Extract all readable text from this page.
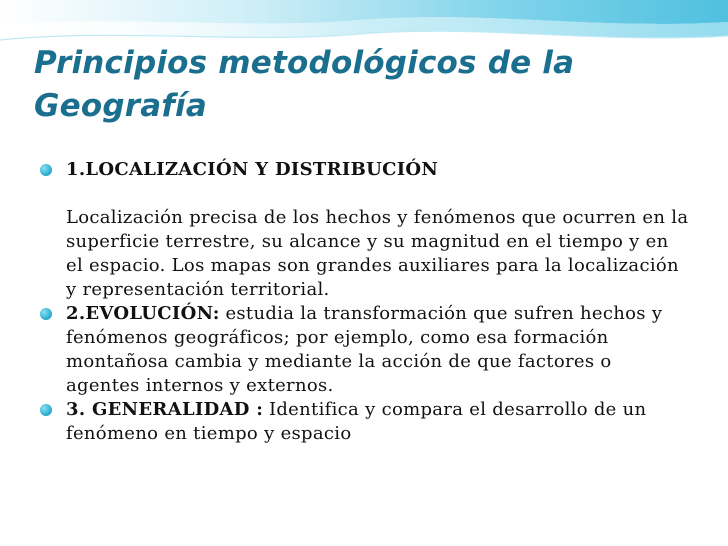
Principios metodológicos de la Geografía
1.LOCALIZACIÓN Y DISTRIBUCIÓN
Localización precisa de los hechos y fenómenos que ocurren en la superficie terrestre, su alcance y su magnitud en el tiempo y en el espacio. Los mapas son grandes auxiliares para la localización y representación territorial.
2.EVOLUCIÓN: estudia la transformación que sufren hechos y fenómenos geográficos; por ejemplo, como esa formación montañosa cambia y mediante la acción de que factores o agentes internos y externos.
3. GENERALIDAD : Identifica y compara el desarrollo de un fenómeno en tiempo y espacio
